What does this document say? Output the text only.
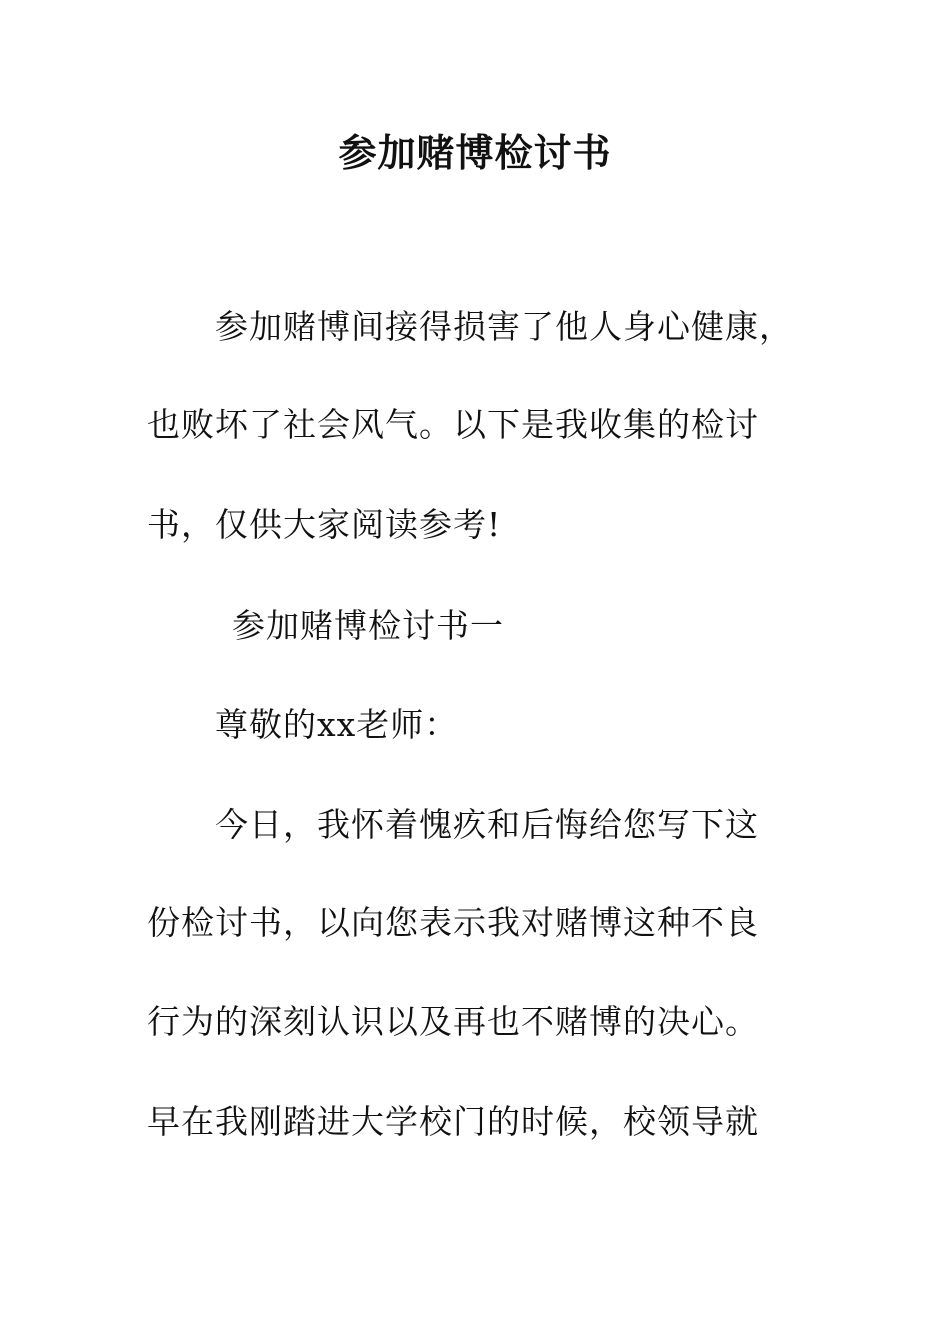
参加赌博检讨书
参加赌博间接得损害了他人身心健康，
也败坏了社会风气。以下是我收集的检讨
书，仅供大家阅读参考!
参加赌博检讨书一
尊敬的xx老师：
今日，我怀着愧疚和后悔给您写下这
份检讨书，以向您表示我对赌博这种不良
行为的深刻认识以及再也不赌博的决心。
早在我刚踏进大学校门的时候，校领导就
